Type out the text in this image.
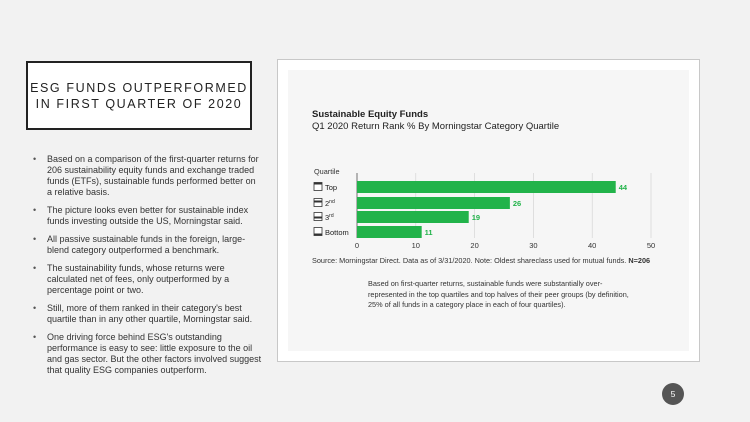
ESG FUNDS OUTPERFORMED
IN FIRST QUARTER OF 2020
• Based on a comparison of the first-quarter returns for 206 sustainability equity funds and exchange traded funds (ETFs), sustainable funds performed better on a relative basis.
• The picture looks even better for sustainable index funds investing outside the US, Morningstar said.
• All passive sustainable funds in the foreign, large-blend category outperformed a benchmark.
• The sustainability funds, whose returns were calculated net of fees, only outperformed by a percentage point or two.
• Still, more of them ranked in their category's best quartile than in any other quartile, Morningstar said.
• One driving force behind ESG's outstanding performance is easy to see: little exposure to the oil and gas sector. But the other factors involved suggest that quality ESG companies outperform.
Sustainable Equity Funds
Q1 2020 Return Rank % By Morningstar Category Quartile
0	10	20	30	40	50
Quartile
Top	44
2nd	26
3rd	19
Bottom	11
Source: Morningstar Direct. Data as of 3/31/2020. Note: Oldest shareclass used for mutual funds. N=206
Based on first-quarter returns, sustainable funds were substantially over-represented in the top quartiles and top halves of their peer groups (by definition, 25% of all funds in a category place in each of four quartiles).
5
